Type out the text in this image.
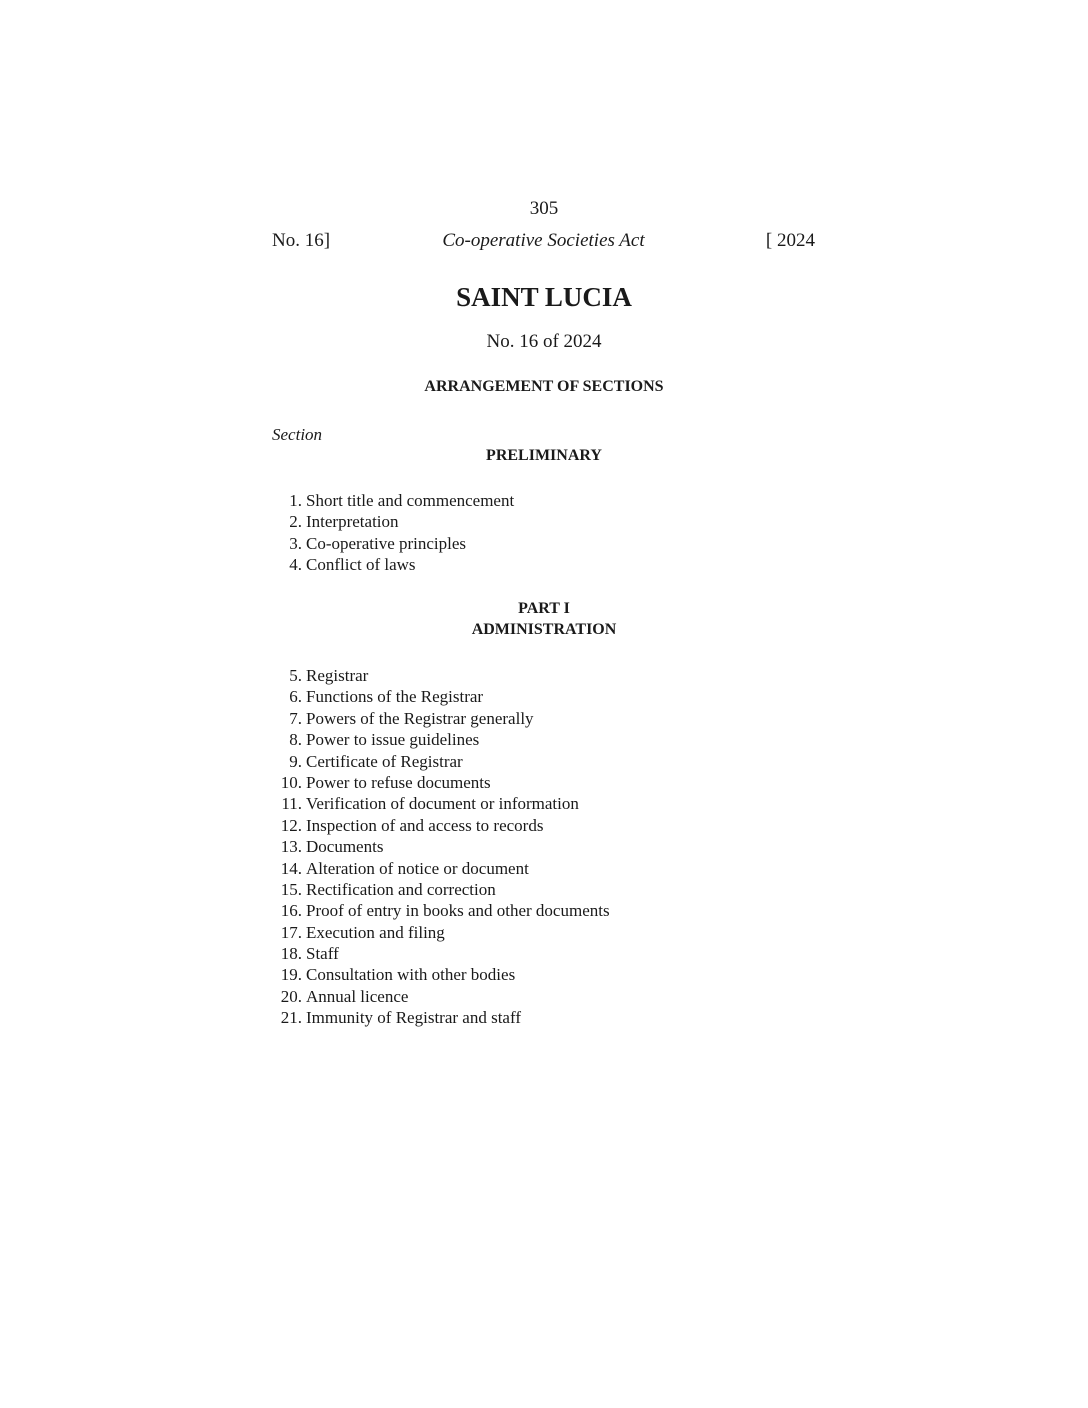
305
No. 16]	Co-operative Societies Act	[ 2024
SAINT LUCIA
No. 16 of 2024
ARRANGEMENT OF SECTIONS
Section
PRELIMINARY
1. Short title and commencement
2. Interpretation
3. Co-operative principles
4. Conflict of laws
PART I
ADMINISTRATION
5. Registrar
6. Functions of the Registrar
7. Powers of the Registrar generally
8. Power to issue guidelines
9. Certificate of Registrar
10. Power to refuse documents
11. Verification of document or information
12. Inspection of and access to records
13. Documents
14. Alteration of notice or document
15. Rectification and correction
16. Proof of entry in books and other documents
17. Execution and filing
18. Staff
19. Consultation with other bodies
20. Annual licence
21. Immunity of Registrar and staff
